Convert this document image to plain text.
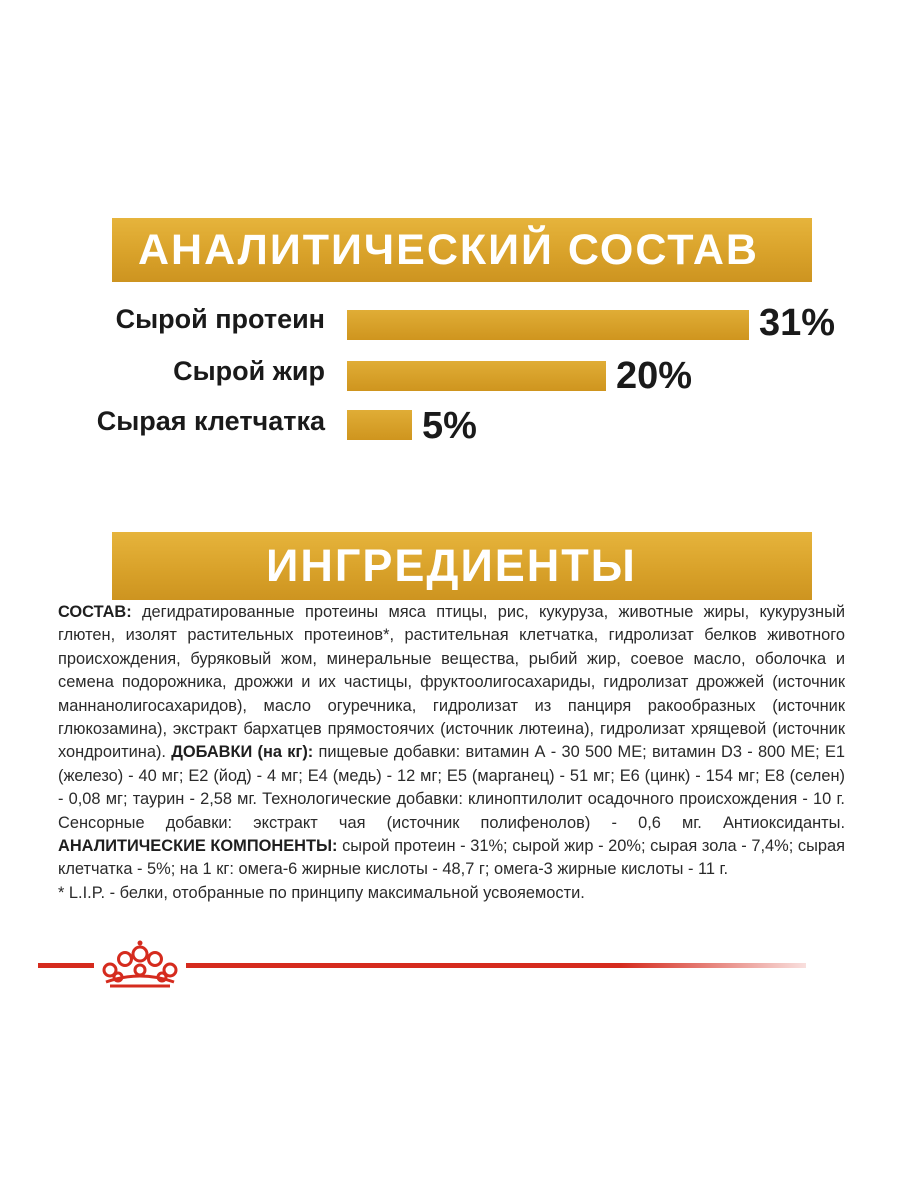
АНАЛИТИЧЕСКИЙ СОСТАВ
Сырой протеин	31%
Сырой жир	20%
Сырая клетчатка	5%
ИНГРЕДИЕНТЫ
СОСТАВ: дегидратированные протеины мяса птицы, рис, кукуруза, животные жиры, кукурузный глютен, изолят растительных протеинов*, растительная клетчатка, гидролизат белков животного происхождения, буряковый жом, минеральные вещества, рыбий жир, соевое масло, оболочка и семена подорожника, дрожжи и их частицы, фруктоолигосахариды, гидролизат дрожжей (источник маннанолигосахаридов), масло огуречника, гидролизат из панциря ракообразных (источник глюкозамина), экстракт бархатцев прямостоячих (источник лютеина), гидролизат хрящевой (источник хондроитина). ДОБАВКИ (на кг): пищевые добавки: витамин А - 30 500 МЕ; витамин D3 - 800 МЕ; Е1 (железо) - 40 мг; Е2 (йод) - 4 мг; Е4 (медь) - 12 мг; Е5 (марганец) - 51 мг; Е6 (цинк) - 154 мг; Е8 (селен) - 0,08 мг; таурин - 2,58 мг. Технологические добавки: клиноптилолит осадочного происхождения - 10 г. Сенсорные добавки: экстракт чая (источник полифенолов) - 0,6 мг. Антиоксиданты. АНАЛИТИЧЕСКИЕ КОМПОНЕНТЫ: сырой протеин - 31%; сырой жир - 20%; сырая зола - 7,4%; сырая клетчатка - 5%; на 1 кг: омега-6 жирные кислоты - 48,7 г; омега-3 жирные кислоты - 11 г.
* L.I.P. - белки, отобранные по принципу максимальной усвояемости.
